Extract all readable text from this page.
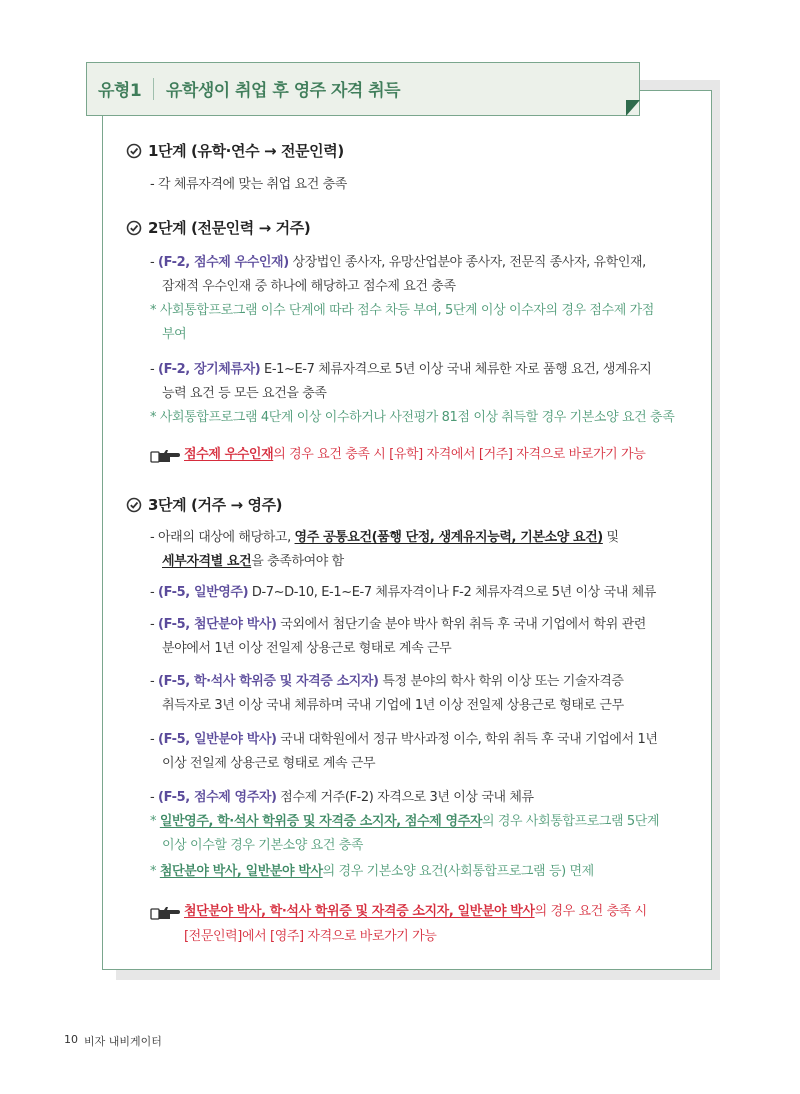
유형1 유학생이 취업 후 영주 자격 취득
1단계 (유학·연수 → 전문인력)
- 각 체류자격에 맞는 취업 요건 충족
2단계 (전문인력 → 거주)
- (F-2, 점수제 우수인재) 상장법인 종사자, 유망산업분야 종사자, 전문직 종사자, 유학인재,
잠재적 우수인재 중 하나에 해당하고 점수제 요건 충족
* 사회통합프로그램 이수 단계에 따라 점수 차등 부여, 5단계 이상 이수자의 경우 점수제 가점
부여
- (F-2, 장기체류자) E-1~E-7 체류자격으로 5년 이상 국내 체류한 자로 품행 요건, 생계유지
능력 요건 등 모든 요건을 충족
* 사회통합프로그램 4단계 이상 이수하거나 사전평가 81점 이상 취득할 경우 기본소양 요건 충족
점수제 우수인재의 경우 요건 충족 시 [유학] 자격에서 [거주] 자격으로 바로가기 가능
3단계 (거주 → 영주)
- 아래의 대상에 해당하고, 영주 공통요건(품행 단정, 생계유지능력, 기본소양 요건) 및
세부자격별 요건을 충족하여야 함
- (F-5, 일반영주) D-7~D-10, E-1~E-7 체류자격이나 F-2 체류자격으로 5년 이상 국내 체류
- (F-5, 첨단분야 박사) 국외에서 첨단기술 분야 박사 학위 취득 후 국내 기업에서 학위 관련
분야에서 1년 이상 전일제 상용근로 형태로 계속 근무
- (F-5, 학·석사 학위증 및 자격증 소지자) 특정 분야의 학사 학위 이상 또는 기술자격증
취득자로 3년 이상 국내 체류하며 국내 기업에 1년 이상 전일제 상용근로 형태로 근무
- (F-5, 일반분야 박사) 국내 대학원에서 정규 박사과정 이수, 학위 취득 후 국내 기업에서 1년
이상 전일제 상용근로 형태로 계속 근무
- (F-5, 점수제 영주자) 점수제 거주(F-2) 자격으로 3년 이상 국내 체류
* 일반영주, 학·석사 학위증 및 자격증 소지자, 점수제 영주자의 경우 사회통합프로그램 5단계
이상 이수할 경우 기본소양 요건 충족
* 첨단분야 박사, 일반분야 박사의 경우 기본소양 요건(사회통합프로그램 등) 면제
첨단분야 박사, 학·석사 학위증 및 자격증 소지자, 일반분야 박사의 경우 요건 충족 시
[전문인력]에서 [영주] 자격으로 바로가기 가능
10 비자 내비게이터
